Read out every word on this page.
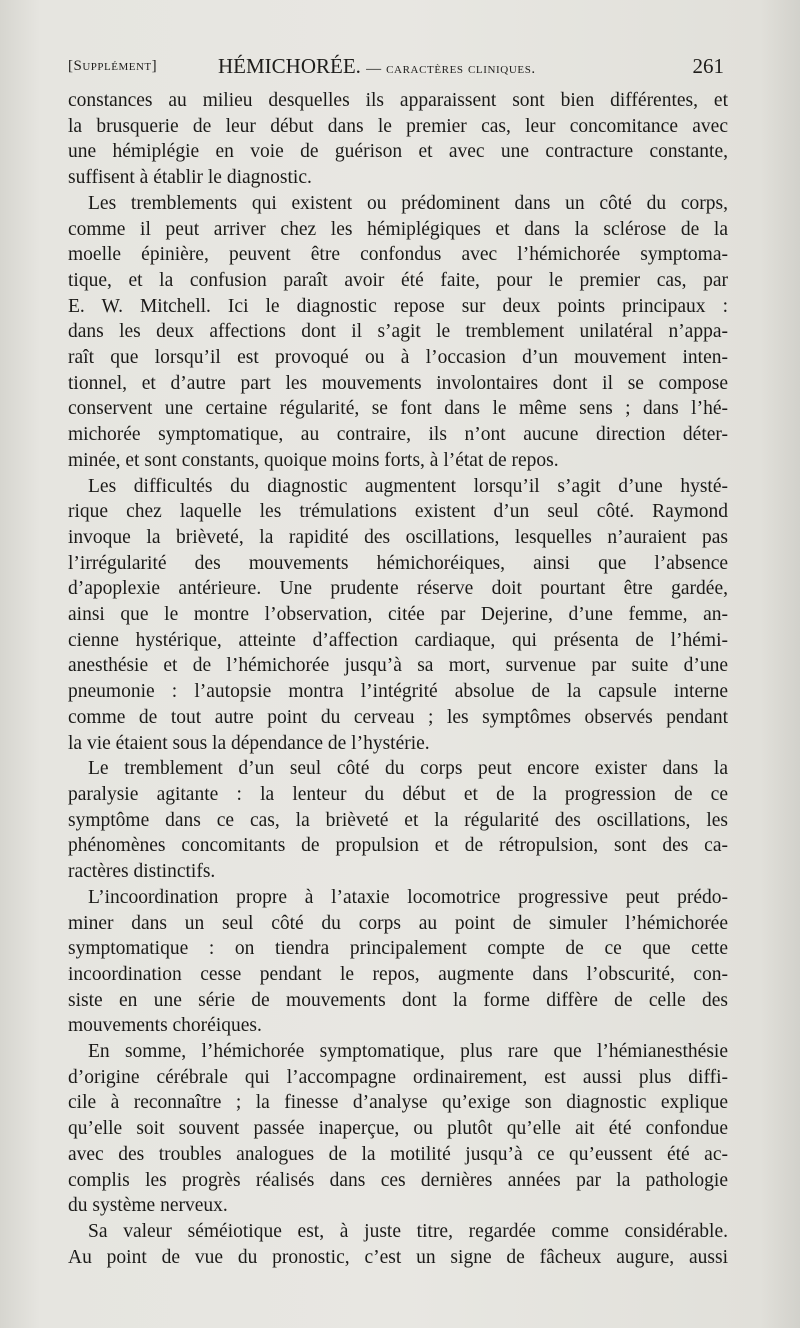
[Supplément]	HÉMICHORÉE. — caractères cliniques.	261

constances au milieu desquelles ils apparaissent sont bien différentes, et

la brusquerie de leur début dans le premier cas, leur concomitance avec

une hémiplégie en voie de guérison et avec une contracture constante,

suffisent à établir le diagnostic.

Les tremblements qui existent ou prédominent dans un côté du corps,

comme il peut arriver chez les hémiplégiques et dans la sclérose de la

moelle épinière, peuvent être confondus avec l’hémichorée symptoma-

tique, et la confusion paraît avoir été faite, pour le premier cas, par

E. W. Mitchell. Ici le diagnostic repose sur deux points principaux :

dans les deux affections dont il s’agit le tremblement unilatéral n’appa-

raît que lorsqu’il est provoqué ou à l’occasion d’un mouvement inten-

tionnel, et d’autre part les mouvements involontaires dont il se compose

conservent une certaine régularité, se font dans le même sens ; dans l’hé-

michorée symptomatique, au contraire, ils n’ont aucune direction déter-

minée, et sont constants, quoique moins forts, à l’état de repos.

Les difficultés du diagnostic augmentent lorsqu’il s’agit d’une hysté-

rique chez laquelle les trémulations existent d’un seul côté. Raymond

invoque la brièveté, la rapidité des oscillations, lesquelles n’auraient pas

l’irrégularité des mouvements hémichoréiques, ainsi que l’absence

d’apoplexie antérieure. Une prudente réserve doit pourtant être gardée,

ainsi que le montre l’observation, citée par Dejerine, d’une femme, an-

cienne hystérique, atteinte d’affection cardiaque, qui présenta de l’hémi-

anesthésie et de l’hémichorée jusqu’à sa mort, survenue par suite d’une

pneumonie : l’autopsie montra l’intégrité absolue de la capsule interne

comme de tout autre point du cerveau ; les symptômes observés pendant

la vie étaient sous la dépendance de l’hystérie.

Le tremblement d’un seul côté du corps peut encore exister dans la

paralysie agitante : la lenteur du début et de la progression de ce

symptôme dans ce cas, la brièveté et la régularité des oscillations, les

phénomènes concomitants de propulsion et de rétropulsion, sont des ca-

ractères distinctifs.

L’incoordination propre à l’ataxie locomotrice progressive peut prédo-

miner dans un seul côté du corps au point de simuler l’hémichorée

symptomatique : on tiendra principalement compte de ce que cette

incoordination cesse pendant le repos, augmente dans l’obscurité, con-

siste en une série de mouvements dont la forme diffère de celle des

mouvements choréiques.

En somme, l’hémichorée symptomatique, plus rare que l’hémianesthésie

d’origine cérébrale qui l’accompagne ordinairement, est aussi plus diffi-

cile à reconnaître ; la finesse d’analyse qu’exige son diagnostic explique

qu’elle soit souvent passée inaperçue, ou plutôt qu’elle ait été confondue

avec des troubles analogues de la motilité jusqu’à ce qu’eussent été ac-

complis les progrès réalisés dans ces dernières années par la pathologie

du système nerveux.

Sa valeur séméiotique est, à juste titre, regardée comme considérable.

Au point de vue du pronostic, c’est un signe de fâcheux augure, aussi
